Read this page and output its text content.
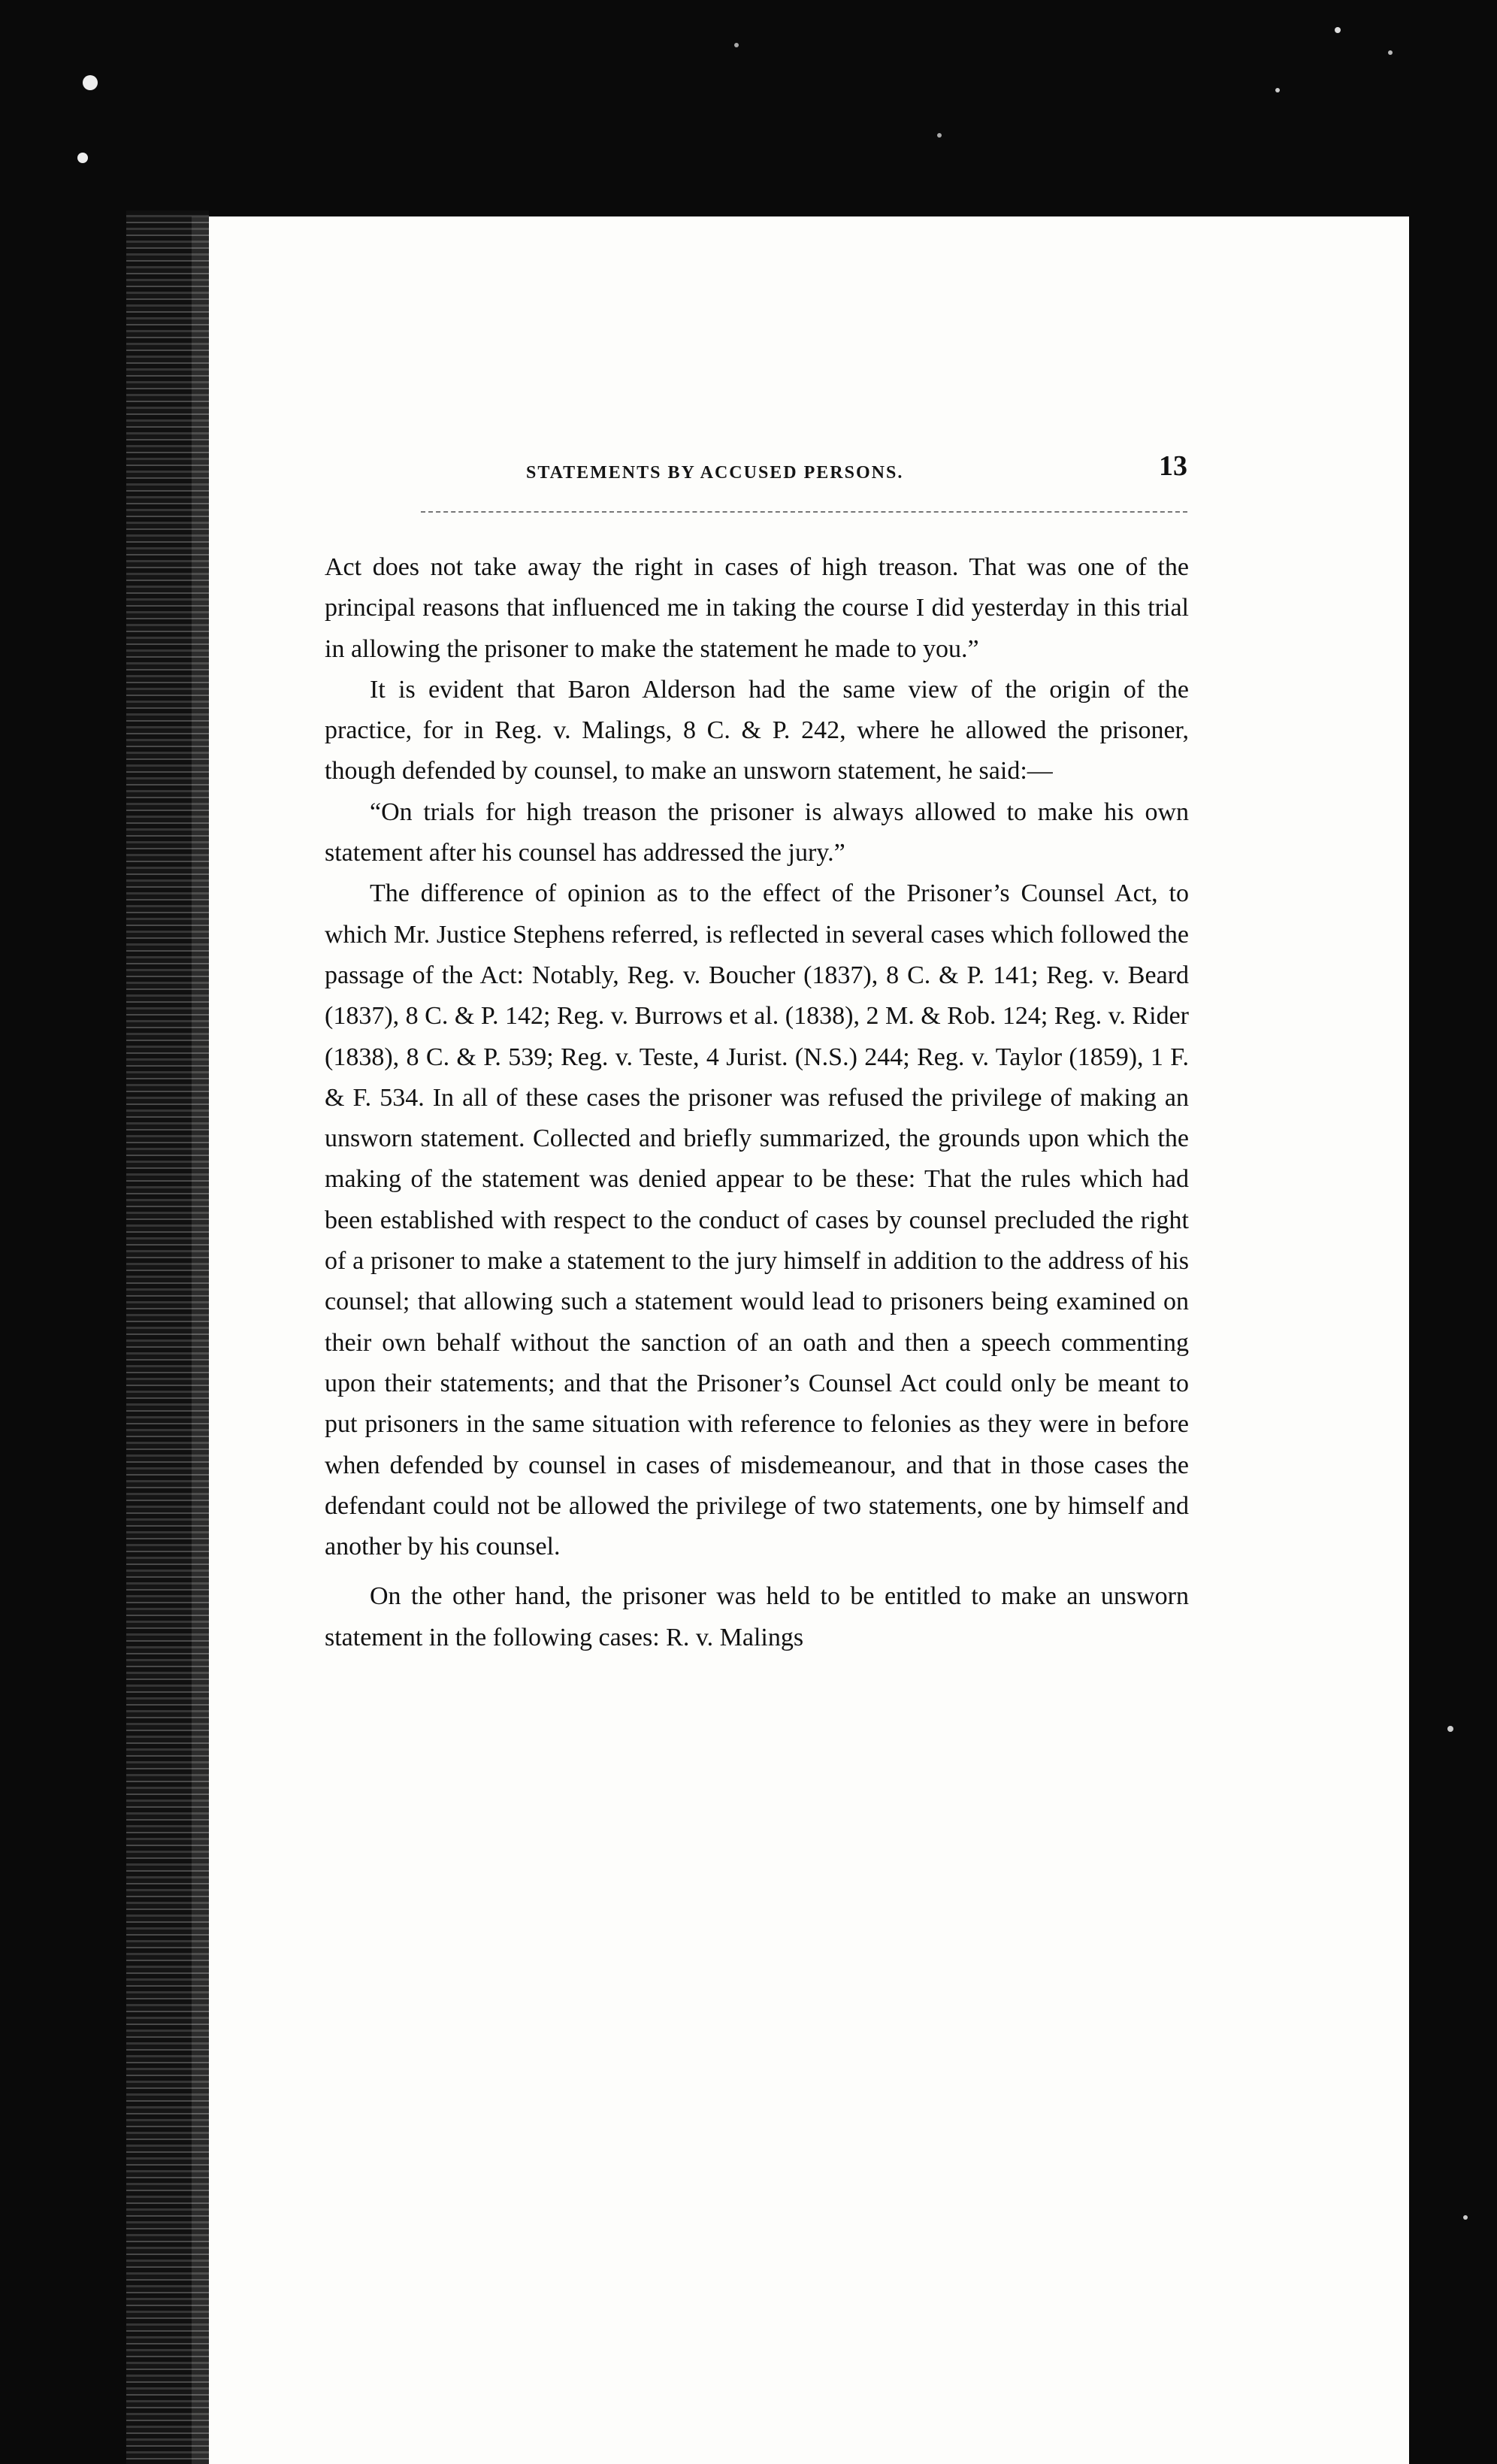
STATEMENTS BY ACCUSED PERSONS.	13

Act does not take away the right in cases of high treason. That was one of the principal reasons that influenced me in taking the course I did yesterday in this trial in allowing the prisoner to make the statement he made to you.”

It is evident that Baron Alderson had the same view of the origin of the practice, for in Reg. v. Malings, 8 C. & P. 242, where he allowed the prisoner, though defended by counsel, to make an unsworn statement, he said:—

“On trials for high treason the prisoner is always allowed to make his own statement after his counsel has addressed the jury.”

The difference of opinion as to the effect of the Prisoner’s Counsel Act, to which Mr. Justice Stephens referred, is reflected in several cases which followed the passage of the Act: Notably, Reg. v. Boucher (1837), 8 C. & P. 141; Reg. v. Beard (1837), 8 C. & P. 142; Reg. v. Burrows et al. (1838), 2 M. & Rob. 124; Reg. v. Rider (1838), 8 C. & P. 539; Reg. v. Teste, 4 Jurist. (N.S.) 244; Reg. v. Taylor (1859), 1 F. & F. 534. In all of these cases the prisoner was refused the privilege of making an unsworn statement. Collected and briefly summarized, the grounds upon which the making of the statement was denied appear to be these: That the rules which had been established with respect to the conduct of cases by counsel precluded the right of a prisoner to make a statement to the jury himself in addition to the address of his counsel; that allowing such a statement would lead to prisoners being examined on their own behalf without the sanction of an oath and then a speech commenting upon their statements; and that the Prisoner’s Counsel Act could only be meant to put prisoners in the same situation with reference to felonies as they were in before when defended by counsel in cases of misdemeanour, and that in those cases the defendant could not be allowed the privilege of two statements, one by himself and another by his counsel.

On the other hand, the prisoner was held to be entitled to make an unsworn statement in the following cases: R. v. Malings
